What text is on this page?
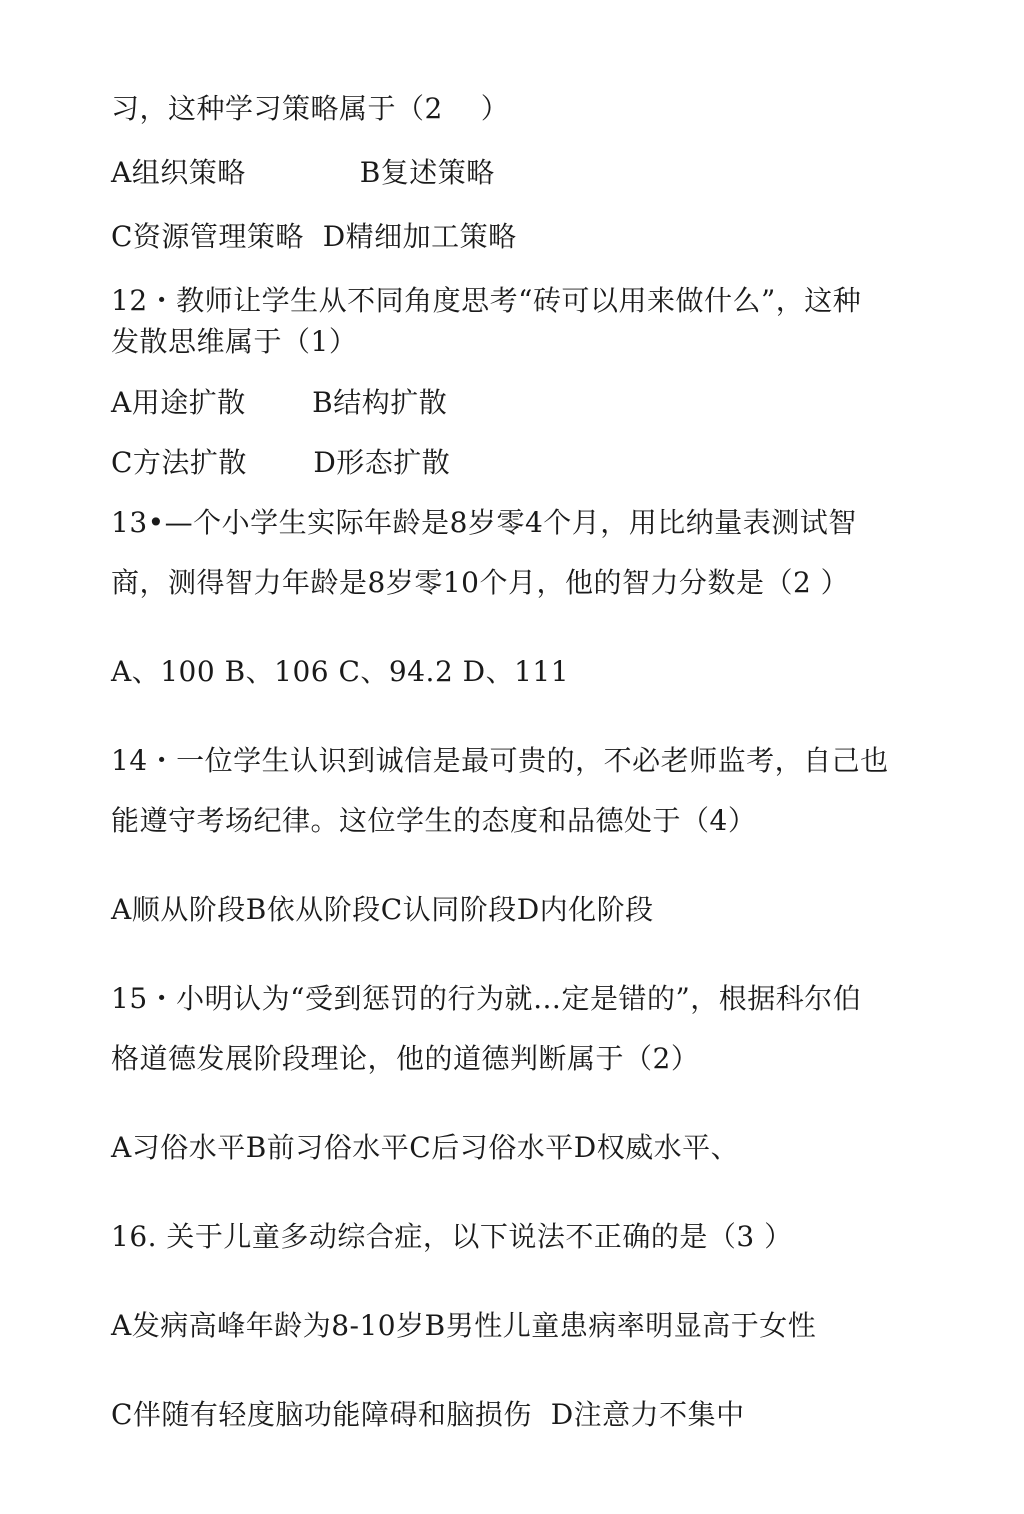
习，这种学习策略属于（2　 ）
A组织策略　　　　B复述策略
C资源管理策略  D精细加工策略
12・教师让学生从不同角度思考“砖可以用来做什么”，这种
发散思维属于（1）
A用途扩散　　 B结构扩散
C方法扩散　　 D形态扩散
13•—个小学生实际年龄是8岁零4个月，用比纳量表测试智
商，测得智力年龄是8岁零10个月，他的智力分数是（2 ）
A、100 B、106 C、94.2 D、111
14・一位学生认识到诚信是最可贵的，不必老师监考，自己也
能遵守考场纪律。这位学生的态度和品德处于（4）
A顺从阶段B依从阶段C认同阶段D内化阶段
15・小明认为“受到惩罚的行为就…定是错的”，根据科尔伯
格道德发展阶段理论，他的道德判断属于（2）
A习俗水平B前习俗水平C后习俗水平D权威水平、
16. 关于儿童多动综合症，以下说法不正确的是（3 ）
A发病高峰年龄为8-10岁B男性儿童患病率明显高于女性
C伴随有轻度脑功能障碍和脑损伤  D注意力不集中
